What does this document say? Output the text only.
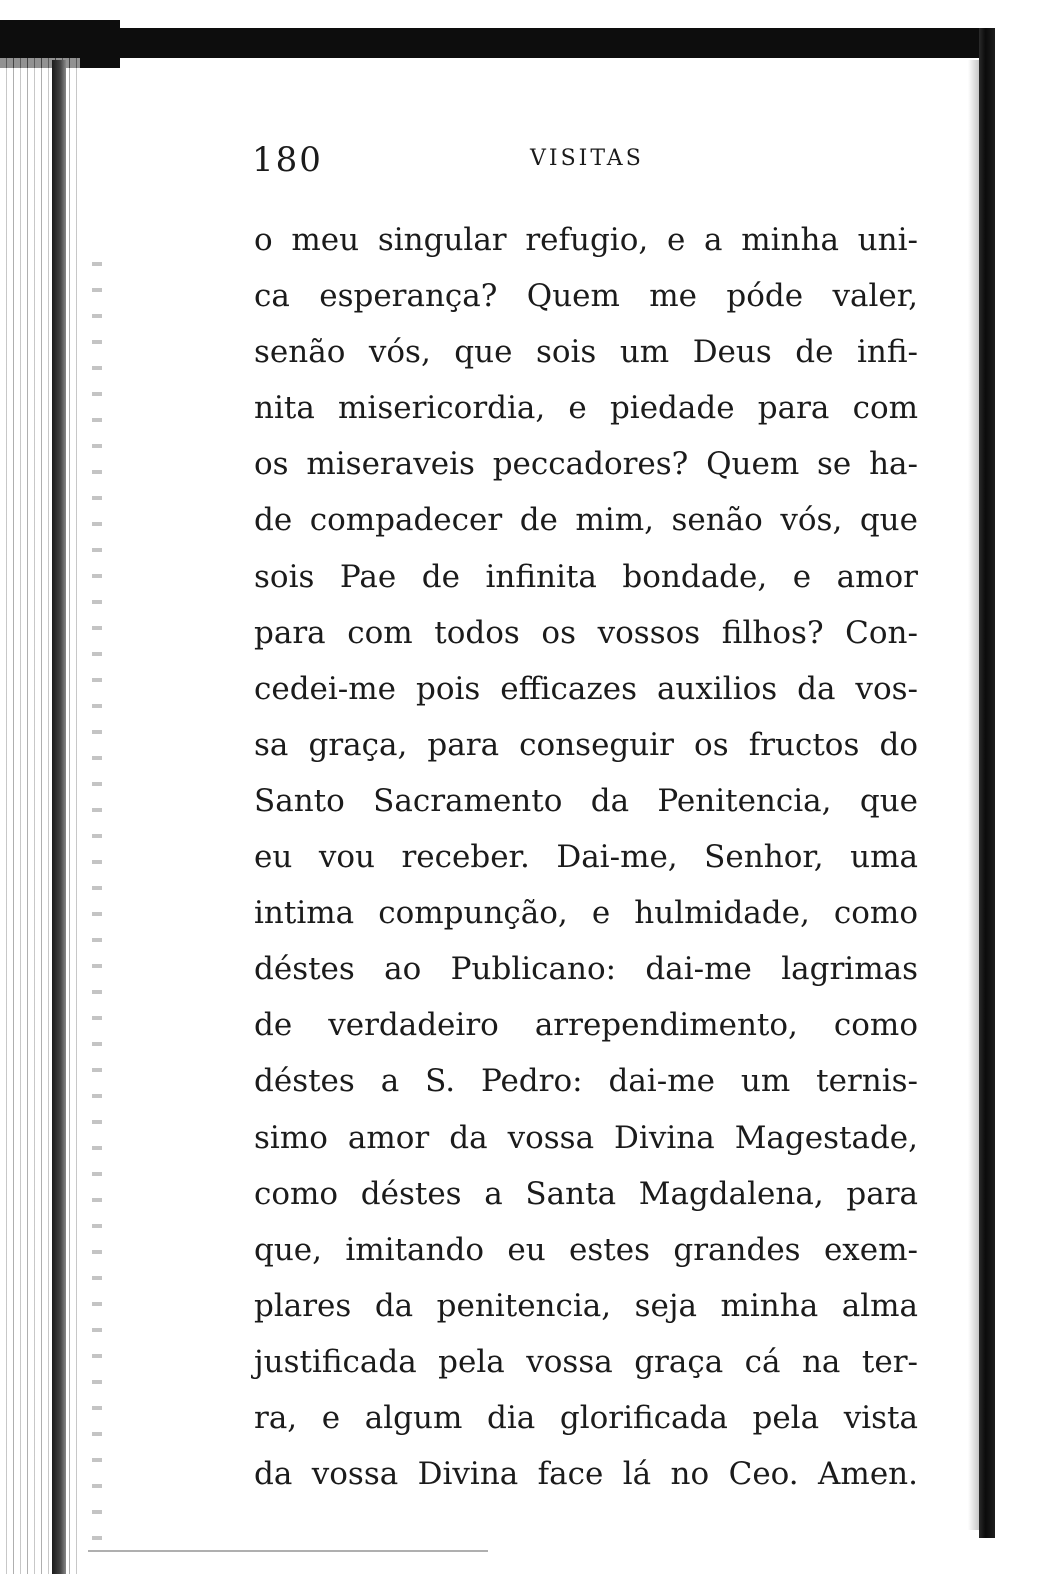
180	VISITAS
o meu singular refugio, e a minha uni-
ca esperança? Quem me póde valer,
senão vós, que sois um Deus de infi-
nita misericordia, e piedade para com
os miseraveis peccadores? Quem se ha-
de compadecer de mim, senão vós, que
sois Pae de infinita bondade, e amor
para com todos os vossos filhos? Con-
cedei-me pois efficazes auxilios da vos-
sa graça, para conseguir os fructos do
Santo Sacramento da Penitencia, que
eu vou receber. Dai-me, Senhor, uma
intima compunção, e hulmidade, como
déstes ao Publicano: dai-me lagrimas
de verdadeiro arrependimento, como
déstes a S. Pedro: dai-me um ternis-
simo amor da vossa Divina Magestade,
como déstes a Santa Magdalena, para
que, imitando eu estes grandes exem-
plares da penitencia, seja minha alma
justificada pela vossa graça cá na ter-
ra, e algum dia glorificada pela vista
da vossa Divina face lá no Ceo. Amen.
